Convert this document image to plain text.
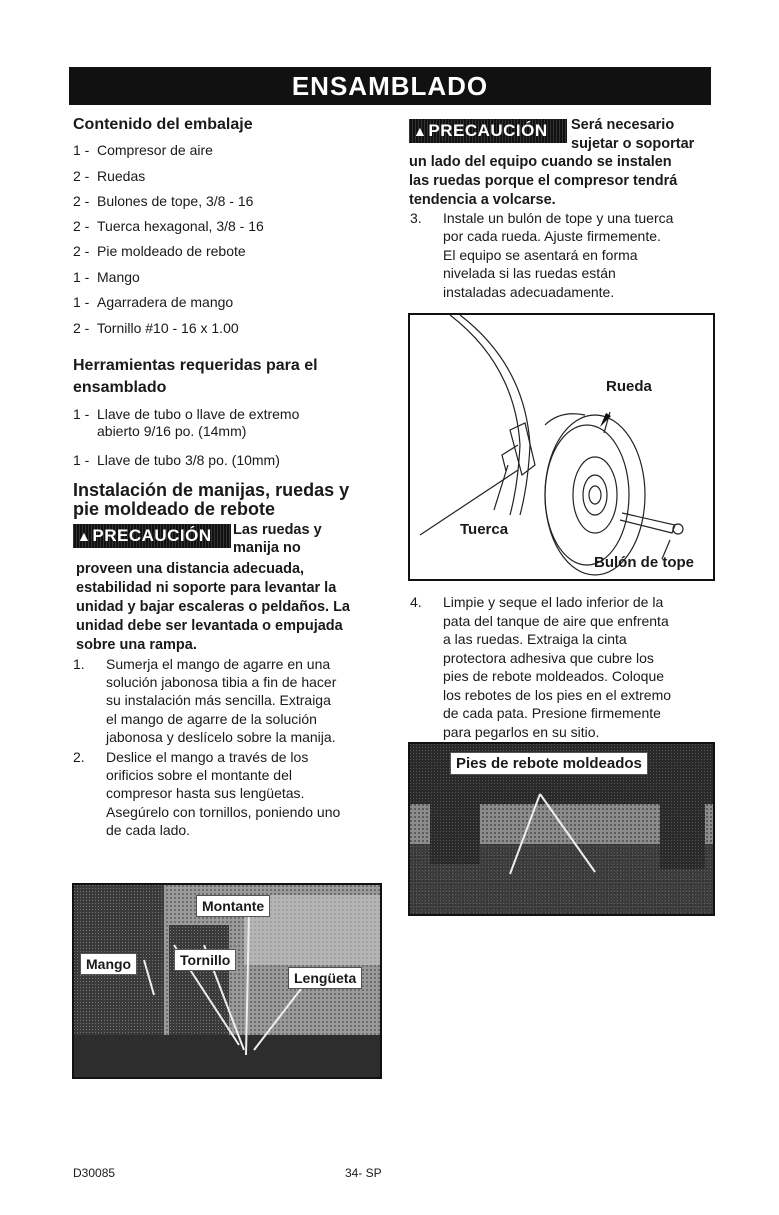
ENSAMBLADO
Contenido del embalaje
1 - Compresor de aire
2 - Ruedas
2 - Bulones de tope, 3/8 - 16
2 - Tuerca hexagonal, 3/8 - 16
2 - Pie moldeado de rebote
1 - Mango
1 - Agarradera de mango
2 - Tornillo #10 - 16 x 1.00
Herramientas requeridas para el
ensamblado
1 - Llave de tubo o llave de extremo
abierto 9/16 po. (14mm)
1 - Llave de tubo 3/8 po. (10mm)
Instalación de manijas, ruedas y
pie moldeado de rebote
▲ PRECAUCIÓN Las ruedas y
manija no
proveen una distancia adecuada,
estabilidad ni soporte para levantar la
unidad y bajar escaleras o peldaños. La
unidad debe ser levantada o empujada
sobre una rampa.
1. Sumerja el mango de agarre en una
solución jabonosa tibia a fin de hacer
su instalación más sencilla. Extraiga
el mango de agarre de la solución
jabonosa y deslícelo sobre la manija.
2. Deslice el mango a través de los
orificios sobre el montante del
compresor hasta sus lengüetas.
Asegúrelo con tornillos, poniendo uno
de cada lado.
Montante
Mango	Tornillo
Lengüeta
▲ PRECAUCIÓN Será necesario
sujetar o soportar
un lado del equipo cuando se instalen
las ruedas porque el compresor tendrá
tendencia a volcarse.
3. Instale un bulón de tope y una tuerca
por cada rueda. Ajuste firmemente.
El equipo se asentará en forma
nivelada si las ruedas están
instaladas adecuadamente.
Rueda
Tuerca
Bulón de tope
4. Limpie y seque el lado inferior de la
pata del tanque de aire que enfrenta
a las ruedas. Extraiga la cinta
protectora adhesiva que cubre los
pies de rebote moldeados. Coloque
los rebotes de los pies en el extremo
de cada pata. Presione firmemente
para pegarlos en su sitio.
Pies de rebote moldeados
D30085	34- SP
